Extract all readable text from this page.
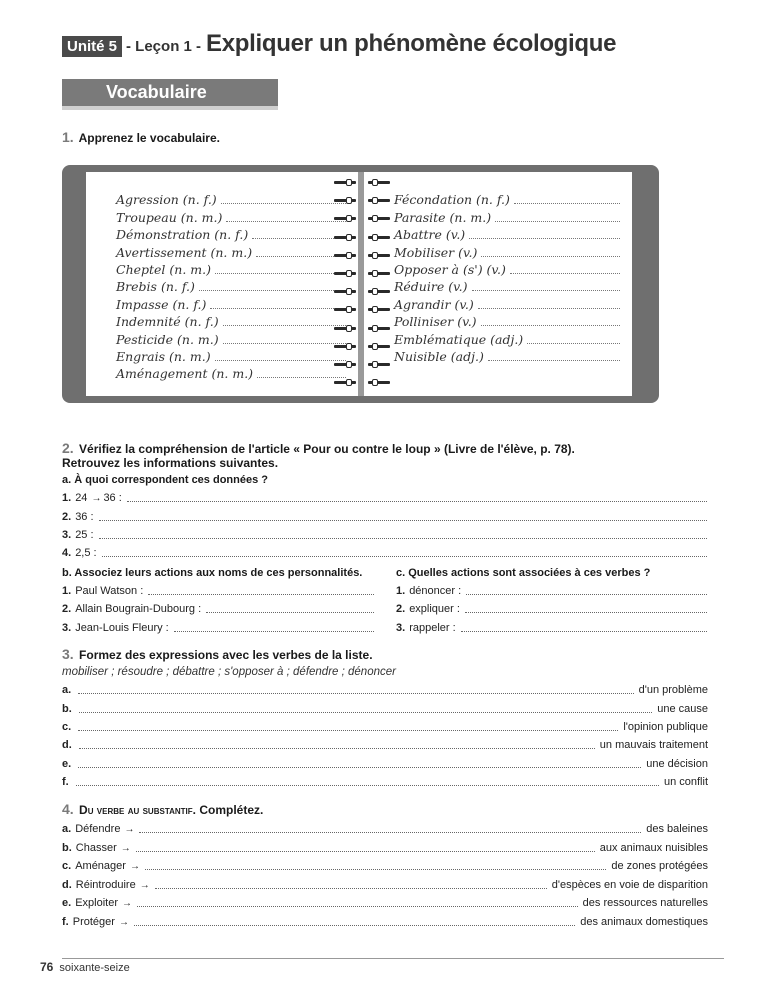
Unité 5 - Leçon 1 - Expliquer un phénomène écologique
Vocabulaire
1. Apprenez le vocabulaire.
Agression (n. f.)
Troupeau (n. m.)
Démonstration (n. f.)
Avertissement (n. m.)
Cheptel (n. m.)
Brebis (n. f.)
Impasse (n. f.)
Indemnité (n. f.)
Pesticide (n. m.)
Engrais (n. m.)
Aménagement (n. m.)
Fécondation (n. f.)
Parasite (n. m.)
Abattre (v.)
Mobiliser (v.)
Opposer à (s') (v.)
Réduire (v.)
Agrandir (v.)
Polliniser (v.)
Emblématique (adj.)
Nuisible (adj.)
2. Vérifiez la compréhension de l'article « Pour ou contre le loup » (Livre de l'élève, p. 78).
Retrouvez les informations suivantes.
a. À quoi correspondent ces données ?
1. 24 → 36 :
2. 36 :
3. 25 :
4. 2,5 :
b. Associez leurs actions aux noms de ces personnalités.	c. Quelles actions sont associées à ces verbes ?
1. Paul Watson :
2. Allain Bougrain-Dubourg :
3. Jean-Louis Fleury :
1. dénoncer :
2. expliquer :
3. rappeler :
3. Formez des expressions avec les verbes de la liste.
mobiliser ; résoudre ; débattre ; s'opposer à ; défendre ; dénoncer
a.	d'un problème
b.	une cause
c.	l'opinion publique
d.	un mauvais traitement
e.	une décision
f.	un conflit
4. Du verbe au substantif. Complétez.
a. Défendre →	des baleines
b. Chasser →	aux animaux nuisibles
c. Aménager →	de zones protégées
d. Réintroduire →	d'espèces en voie de disparition
e. Exploiter →	des ressources naturelles
f. Protéger →	des animaux domestiques
76 soixante-seize
